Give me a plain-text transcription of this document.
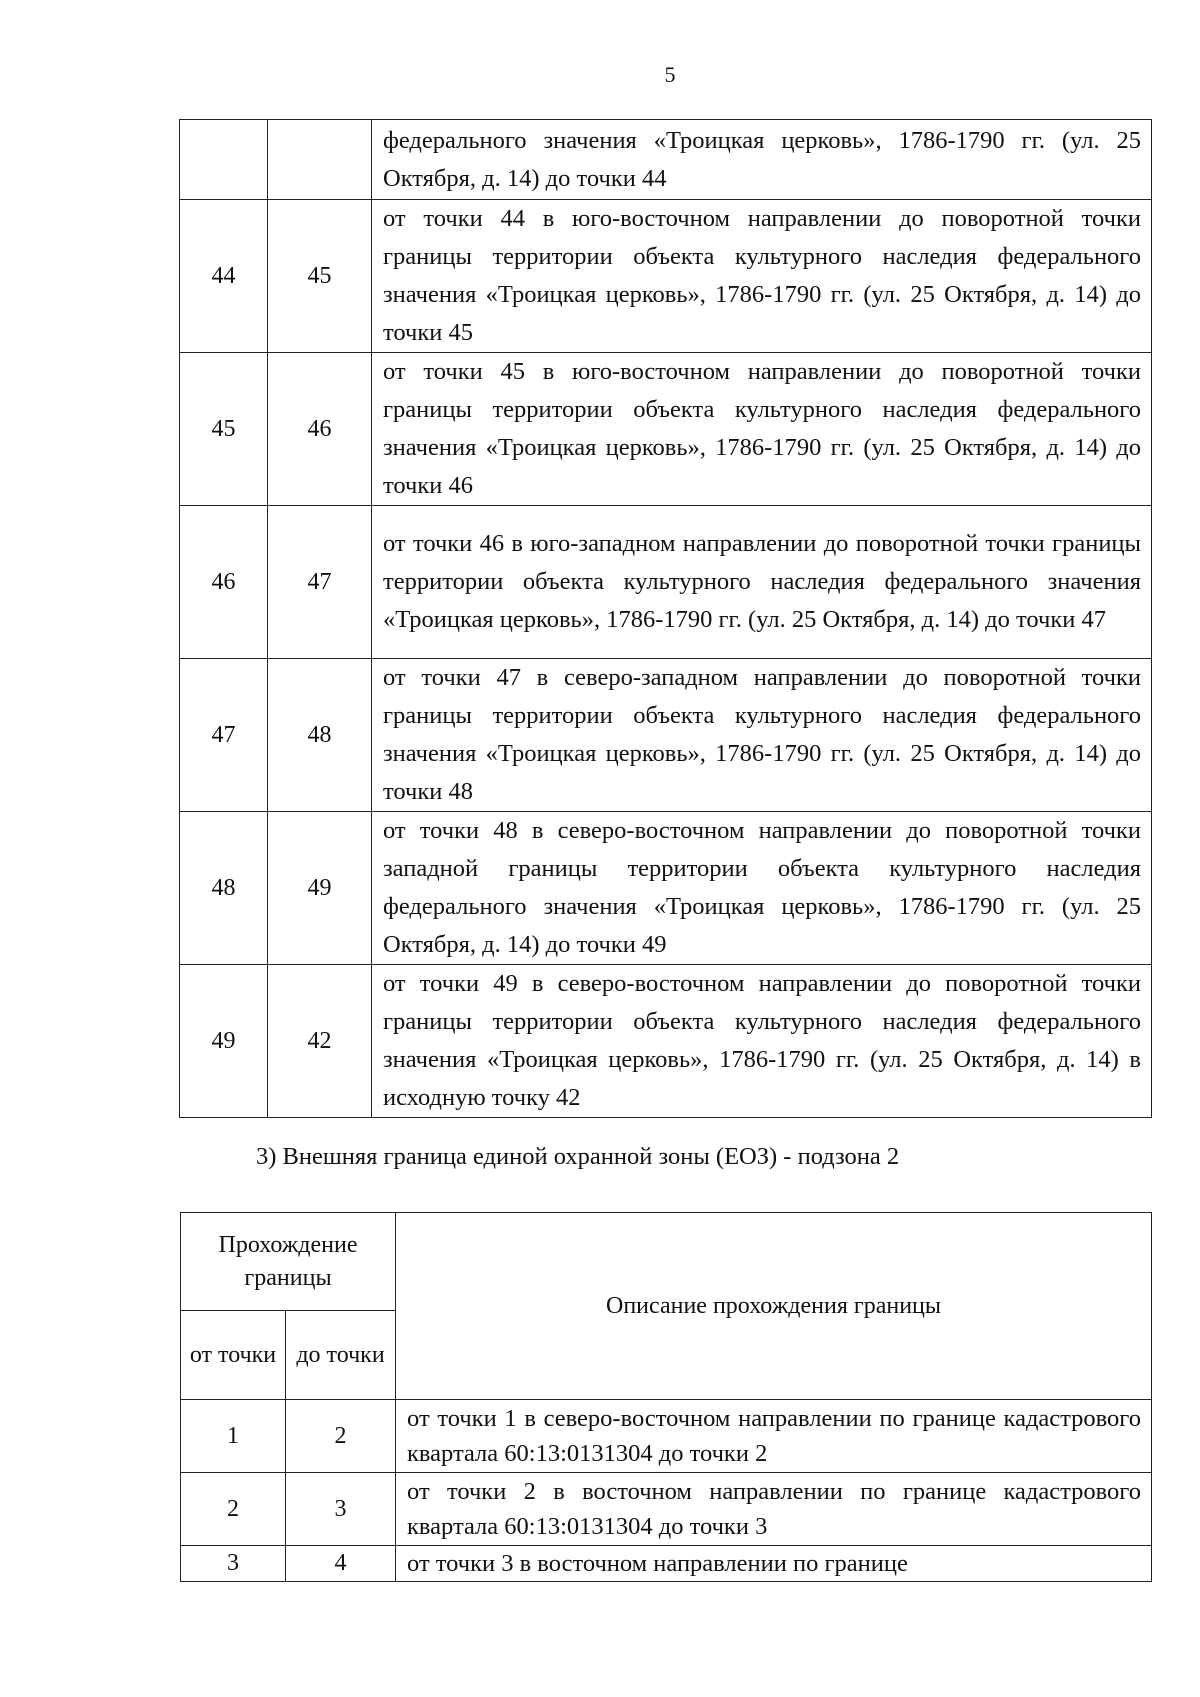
5
		федерального значения «Троицкая церковь», 1786-1790 гг. (ул. 25 Октября, д. 14) до точки 44
44	45	от точки 44 в юго-восточном направлении до поворотной точки границы территории объекта культурного наследия федерального значения «Троицкая церковь», 1786-1790 гг. (ул. 25 Октября, д. 14) до точки 45
45	46	от точки 45 в юго-восточном направлении до поворотной точки границы территории объекта культурного наследия федерального значения «Троицкая церковь», 1786-1790 гг. (ул. 25 Октября, д. 14) до точки 46
46	47	от точки 46 в юго-западном направлении до поворотной точки границы территории объекта культурного наследия федерального значения «Троицкая церковь», 1786-1790 гг. (ул. 25 Октября, д. 14) до точки 47
47	48	от точки 47 в северо-западном направлении до поворотной точки границы территории объекта культурного наследия федерального значения «Троицкая церковь», 1786-1790 гг. (ул. 25 Октября, д. 14) до точки 48
48	49	от точки 48 в северо-восточном направлении до поворотной точки западной границы территории объекта культурного наследия федерального значения «Троицкая церковь», 1786-1790 гг. (ул. 25 Октября, д. 14) до точки 49
49	42	от точки 49 в северо-восточном направлении до поворотной точки границы территории объекта культурного наследия федерального значения «Троицкая церковь», 1786-1790 гг. (ул. 25 Октября, д. 14) в исходную точку 42
3) Внешняя граница единой охранной зоны (ЕОЗ) - подзона 2
Прохождение границы		Описание прохождения границы
от точки	до точки	
1	2	от точки 1 в северо-восточном направлении по границе кадастрового квартала 60:13:0131304 до точки 2
2	3	от точки 2 в восточном направлении по границе кадастрового квартала 60:13:0131304 до точки 3
3	4	от точки 3 в восточном направлении по границе
